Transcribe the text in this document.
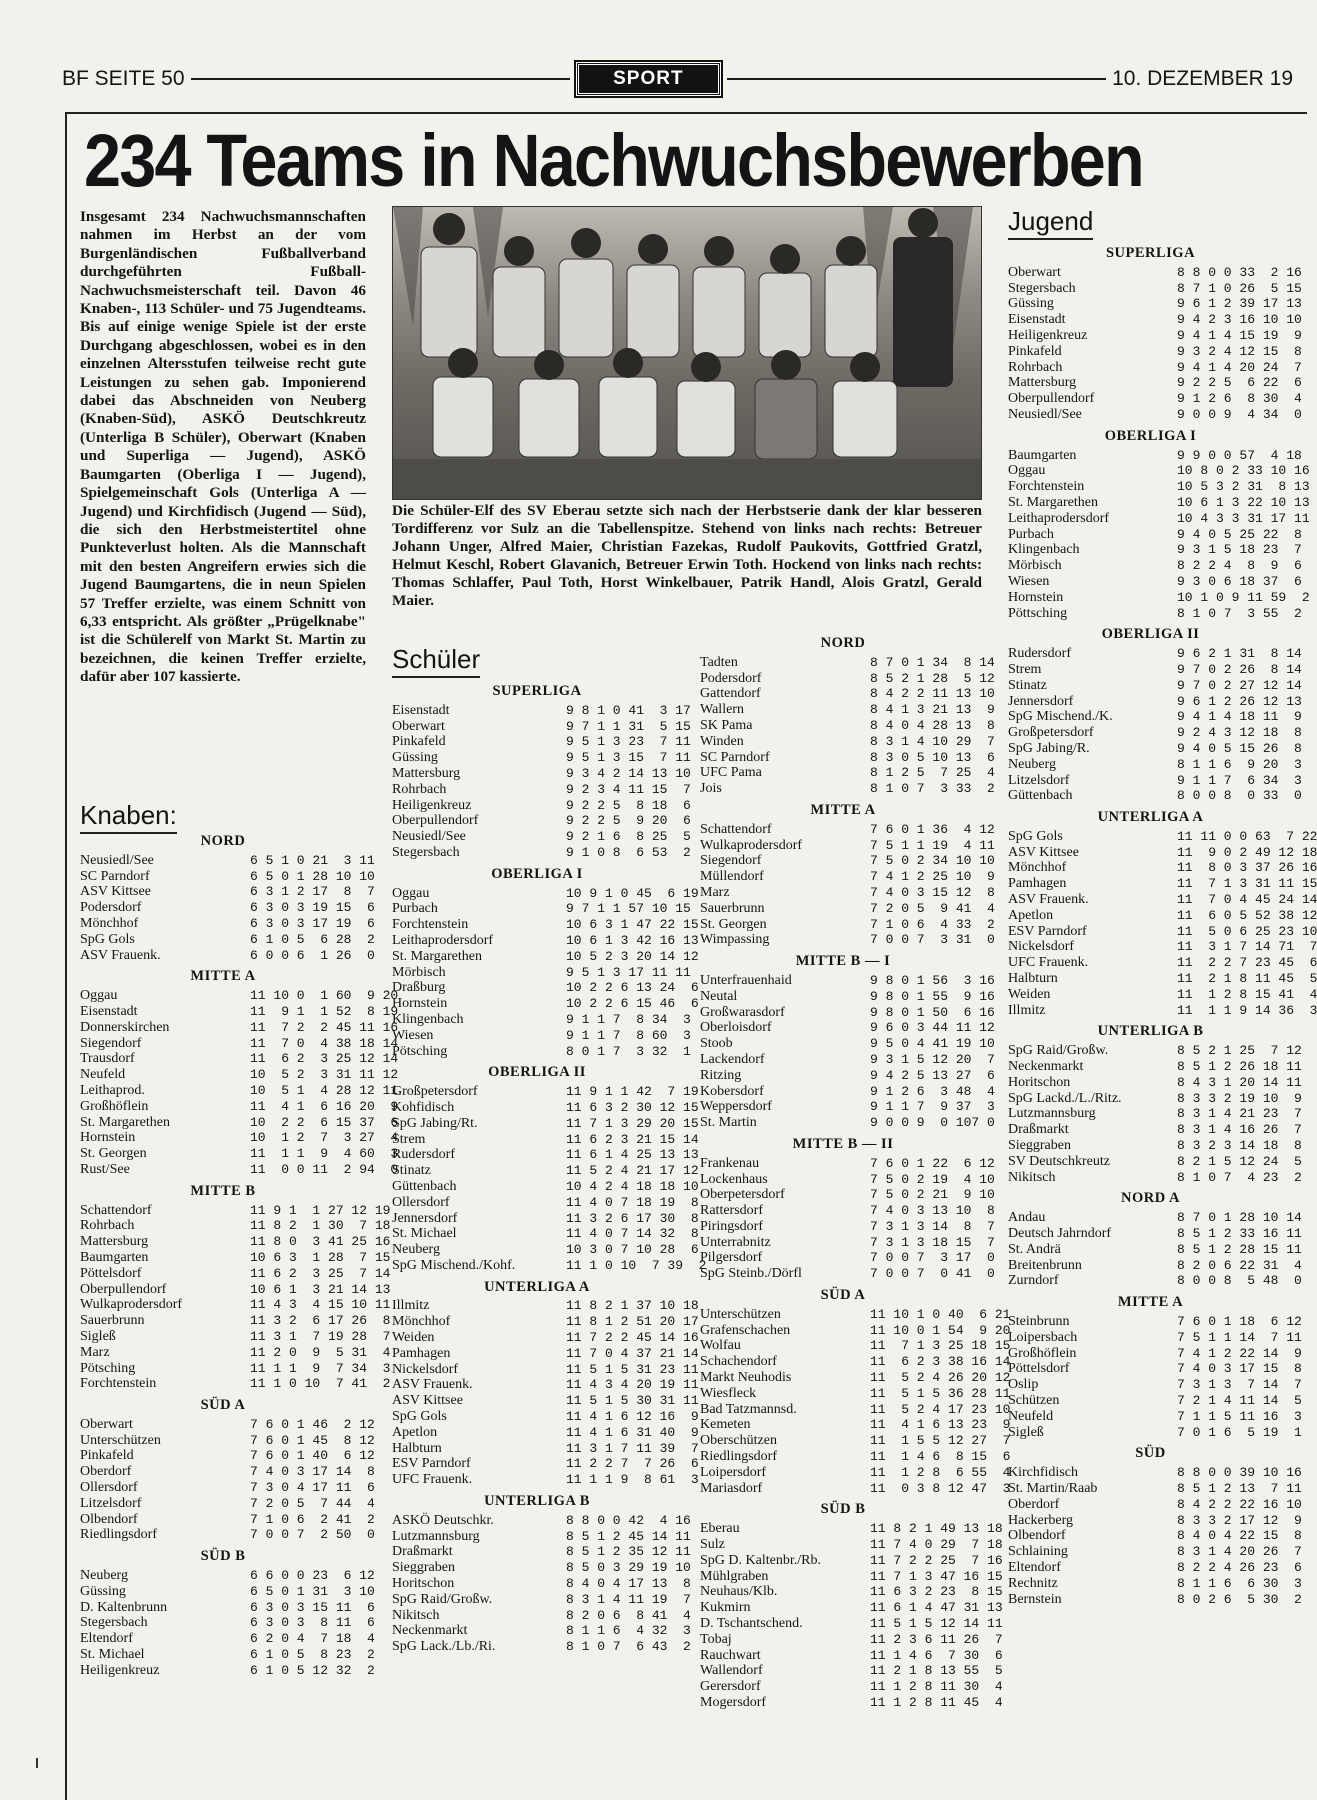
BF SEITE 50	SPORT	10. DEZEMBER 19
234 Teams in Nachwuchsbewerben
Insgesamt 234 Nachwuchsmannschaften nahmen im Herbst an der vom Burgenländischen Fußballverband durchgeführten Fußball-Nachwuchsmeisterschaft teil. Davon 46 Knaben-, 113 Schüler- und 75 Jugendteams. Bis auf einige wenige Spiele ist der erste Durchgang abgeschlossen, wobei es in den einzelnen Altersstufen teilweise recht gute Leistungen zu sehen gab. Imponierend dabei das Abschneiden von Neuberg (Knaben-Süd), ASKÖ Deutschkreutz (Unterliga B Schüler), Oberwart (Knaben und Superliga — Jugend), ASKÖ Baumgarten (Oberliga I — Jugend), Spielgemeinschaft Gols (Unterliga A — Jugend) und Kirchfidisch (Jugend — Süd), die sich den Herbstmeistertitel ohne Punkteverlust holten. Als die Mannschaft mit den besten Angreifern erwies sich die Jugend Baumgartens, die in neun Spielen 57 Treffer erzielte, was einem Schnitt von 6,33 entspricht. Als größter „Prügelknabe" ist die Schülerelf von Markt St. Martin zu bezeichnen, die keinen Treffer erzielte, dafür aber 107 kassierte.
Die Schüler-Elf des SV Eberau setzte sich nach der Herbstserie dank der klar besseren Tordifferenz vor Sulz an die Tabellenspitze. Stehend von links nach rechts: Betreuer Johann Unger, Alfred Maier, Christian Fazekas, Rudolf Paukovits, Gottfried Gratzl, Helmut Keschl, Robert Glavanich, Betreuer Erwin Toth. Hockend von links nach rechts: Thomas Schlaffer, Paul Toth, Horst Winkelbauer, Patrik Handl, Alois Gratzl, Gerald Maier.
Knaben:
Schüler
Jugend
NORD
Neusiedl/See	6 5 1 0 21  3 11
SC Parndorf	6 5 0 1 28 10 10
ASV Kittsee	6 3 1 2 17  8  7
Podersdorf	6 3 0 3 19 15  6
Mönchhof	6 3 0 3 17 19  6
SpG Gols	6 1 0 5  6 28  2
ASV Frauenk.	6 0 0 6  1 26  0
MITTE A
Oggau	11 10 0  1 60  9 20
Eisenstadt	11  9 1  1 52  8 19
Donnerskirchen	11  7 2  2 45 11 16
Siegendorf	11  7 0  4 38 18 14
Trausdorf	11  6 2  3 25 12 14
Neufeld	10  5 2  3 31 11 12
Leithaprod.	10  5 1  4 28 12 11
Großhöflein	11  4 1  6 16 20  9
St. Margarethen	10  2 2  6 15 37  6
Hornstein	10  1 2  7  3 27  4
St. Georgen	11  1 1  9  4 60  3
Rust/See	11  0 0 11  2 94  0
MITTE B
Schattendorf	11 9 1  1 27 12 19
Rohrbach	11 8 2  1 30  7 18
Mattersburg	11 8 0  3 41 25 16
Baumgarten	10 6 3  1 28  7 15
Pöttelsdorf	11 6 2  3 25  7 14
Oberpullendorf	10 6 1  3 21 14 13
Wulkaprodersdorf	11 4 3  4 15 10 11
Sauerbrunn	11 3 2  6 17 26  8
Sigleß	11 3 1  7 19 28  7
Marz	11 2 0  9  5 31  4
Pötsching	11 1 1  9  7 34  3
Forchtenstein	11 1 0 10  7 41  2
SÜD A
Oberwart	7 6 0 1 46  2 12
Unterschützen	7 6 0 1 45  8 12
Pinkafeld	7 6 0 1 40  6 12
Oberdorf	7 4 0 3 17 14  8
Ollersdorf	7 3 0 4 17 11  6
Litzelsdorf	7 2 0 5  7 44  4
Olbendorf	7 1 0 6  2 41  2
Riedlingsdorf	7 0 0 7  2 50  0
SÜD B
Neuberg	6 6 0 0 23  6 12
Güssing	6 5 0 1 31  3 10
D. Kaltenbrunn	6 3 0 3 15 11  6
Stegersbach	6 3 0 3  8 11  6
Eltendorf	6 2 0 4  7 18  4
St. Michael	6 1 0 5  8 23  2
Heiligenkreuz	6 1 0 5 12 32  2
SUPERLIGA
Eisenstadt	9 8 1 0 41  3 17
Oberwart	9 7 1 1 31  5 15
Pinkafeld	9 5 1 3 23  7 11
Güssing	9 5 1 3 15  7 11
Mattersburg	9 3 4 2 14 13 10
Rohrbach	9 2 3 4 11 15  7
Heiligenkreuz	9 2 2 5  8 18  6
Oberpullendorf	9 2 2 5  9 20  6
Neusiedl/See	9 2 1 6  8 25  5
Stegersbach	9 1 0 8  6 53  2
OBERLIGA I
Oggau	10 9 1 0 45  6 19
Purbach	9 7 1 1 57 10 15
Forchtenstein	10 6 3 1 47 22 15
Leithaprodersdorf	10 6 1 3 42 16 13
St. Margarethen	10 5 2 3 20 14 12
Mörbisch	9 5 1 3 17 11 11
Draßburg	10 2 2 6 13 24  6
Hornstein	10 2 2 6 15 46  6
Klingenbach	9 1 1 7  8 34  3
Wiesen	9 1 1 7  8 60  3
Pötsching	8 0 1 7  3 32  1
OBERLIGA II
Großpetersdorf	11 9 1 1 42  7 19
Kohfidisch	11 6 3 2 30 12 15
SpG Jabing/Rt.	11 7 1 3 29 20 15
Strem	11 6 2 3 21 15 14
Rudersdorf	11 6 1 4 25 13 13
Stinatz	11 5 2 4 21 17 12
Güttenbach	10 4 2 4 18 18 10
Ollersdorf	11 4 0 7 18 19  8
Jennersdorf	11 3 2 6 17 30  8
St. Michael	11 4 0 7 14 32  8
Neuberg	10 3 0 7 10 28  6
SpG Mischend./Kohf.	11 1 0 10  7 39  2
UNTERLIGA A
Illmitz	11 8 2 1 37 10 18
Mönchhof	11 8 1 2 51 20 17
Weiden	11 7 2 2 45 14 16
Pamhagen	11 7 0 4 37 21 14
Nickelsdorf	11 5 1 5 31 23 11
ASV Frauenk.	11 4 3 4 20 19 11
ASV Kittsee	11 5 1 5 30 31 11
SpG Gols	11 4 1 6 12 16  9
Apetlon	11 4 1 6 31 40  9
Halbturn	11 3 1 7 11 39  7
ESV Parndorf	11 2 2 7  7 26  6
UFC Frauenk.	11 1 1 9  8 61  3
UNTERLIGA B
ASKÖ Deutschkr.	8 8 0 0 42  4 16
Lutzmannsburg	8 5 1 2 45 14 11
Draßmarkt	8 5 1 2 35 12 11
Sieggraben	8 5 0 3 29 19 10
Horitschon	8 4 0 4 17 13  8
SpG Raid/Großw.	8 3 1 4 11 19  7
Nikitsch	8 2 0 6  8 41  4
Neckenmarkt	8 1 1 6  4 32  3
SpG Lack./Lb./Ri.	8 1 0 7  6 43  2
NORD
Tadten	8 7 0 1 34  8 14
Podersdorf	8 5 2 1 28  5 12
Gattendorf	8 4 2 2 11 13 10
Wallern	8 4 1 3 21 13  9
SK Pama	8 4 0 4 28 13  8
Winden	8 3 1 4 10 29  7
SC Parndorf	8 3 0 5 10 13  6
UFC Pama	8 1 2 5  7 25  4
Jois	8 1 0 7  3 33  2
MITTE A
Schattendorf	7 6 0 1 36  4 12
Wulkaprodersdorf	7 5 1 1 19  4 11
Siegendorf	7 5 0 2 34 10 10
Müllendorf	7 4 1 2 25 10  9
Marz	7 4 0 3 15 12  8
Sauerbrunn	7 2 0 5  9 41  4
St. Georgen	7 1 0 6  4 33  2
Wimpassing	7 0 0 7  3 31  0
MITTE B — I
Unterfrauenhaid	9 8 0 1 56  3 16
Neutal	9 8 0 1 55  9 16
Großwarasdorf	9 8 0 1 50  6 16
Oberloisdorf	9 6 0 3 44 11 12
Stoob	9 5 0 4 41 19 10
Lackendorf	9 3 1 5 12 20  7
Ritzing	9 4 2 5 13 27  6
Kobersdorf	9 1 2 6  3 48  4
Weppersdorf	9 1 1 7  9 37  3
St. Martin	9 0 0 9  0 107 0
MITTE B — II
Frankenau	7 6 0 1 22  6 12
Lockenhaus	7 5 0 2 19  4 10
Oberpetersdorf	7 5 0 2 21  9 10
Rattersdorf	7 4 0 3 13 10  8
Piringsdorf	7 3 1 3 14  8  7
Unterrabnitz	7 3 1 3 18 15  7
Pilgersdorf	7 0 0 7  3 17  0
SpG Steinb./Dörfl	7 0 0 7  0 41  0
SÜD A
Unterschützen	11 10 1 0 40  6 21
Grafenschachen	11 10 0 1 54  9 20
Wolfau	11  7 1 3 25 18 15
Schachendorf	11  6 2 3 38 16 14
Markt Neuhodis	11  5 2 4 26 20 12
Wiesfleck	11  5 1 5 36 28 11
Bad Tatzmannsd.	11  5 2 4 17 23 10
Kemeten	11  4 1 6 13 23  9
Oberschützen	11  1 5 5 12 27  7
Riedlingsdorf	11  1 4 6  8 15  6
Loipersdorf	11  1 2 8  6 55  4
Mariasdorf	11  0 3 8 12 47  3
SÜD B
Eberau	11 8 2 1 49 13 18
Sulz	11 7 4 0 29  7 18
SpG D. Kaltenbr./Rb.	11 7 2 2 25  7 16
Mühlgraben	11 7 1 3 47 16 15
Neuhaus/Klb.	11 6 3 2 23  8 15
Kukmirn	11 6 1 4 47 31 13
D. Tschantschend.	11 5 1 5 12 14 11
Tobaj	11 2 3 6 11 26  7
Rauchwart	11 1 4 6  7 30  6
Wallendorf	11 2 1 8 13 55  5
Gerersdorf	11 1 2 8 11 30  4
Mogersdorf	11 1 2 8 11 45  4
SUPERLIGA
Oberwart	8 8 0 0 33  2 16
Stegersbach	8 7 1 0 26  5 15
Güssing	9 6 1 2 39 17 13
Eisenstadt	9 4 2 3 16 10 10
Heiligenkreuz	9 4 1 4 15 19  9
Pinkafeld	9 3 2 4 12 15  8
Rohrbach	9 4 1 4 20 24  7
Mattersburg	9 2 2 5  6 22  6
Oberpullendorf	9 1 2 6  8 30  4
Neusiedl/See	9 0 0 9  4 34  0
OBERLIGA I
Baumgarten	9 9 0 0 57  4 18
Oggau	10 8 0 2 33 10 16
Forchtenstein	10 5 3 2 31  8 13
St. Margarethen	10 6 1 3 22 10 13
Leithaprodersdorf	10 4 3 3 31 17 11
Purbach	9 4 0 5 25 22  8
Klingenbach	9 3 1 5 18 23  7
Mörbisch	8 2 2 4  8  9  6
Wiesen	9 3 0 6 18 37  6
Hornstein	10 1 0 9 11 59  2
Pöttsching	8 1 0 7  3 55  2
OBERLIGA II
Rudersdorf	9 6 2 1 31  8 14
Strem	9 7 0 2 26  8 14
Stinatz	9 7 0 2 27 12 14
Jennersdorf	9 6 1 2 26 12 13
SpG Mischend./K.	9 4 1 4 18 11  9
Großpetersdorf	9 2 4 3 12 18  8
SpG Jabing/R.	9 4 0 5 15 26  8
Neuberg	8 1 1 6  9 20  3
Litzelsdorf	9 1 1 7  6 34  3
Güttenbach	8 0 0 8  0 33  0
UNTERLIGA A
SpG Gols	11 11 0 0 63  7 22
ASV Kittsee	11  9 0 2 49 12 18
Mönchhof	11  8 0 3 37 26 16
Pamhagen	11  7 1 3 31 11 15
ASV Frauenk.	11  7 0 4 45 24 14
Apetlon	11  6 0 5 52 38 12
ESV Parndorf	11  5 0 6 25 23 10
Nickelsdorf	11  3 1 7 14 71  7
UFC Frauenk.	11  2 2 7 23 45  6
Halbturn	11  2 1 8 11 45  5
Weiden	11  1 2 8 15 41  4
Illmitz	11  1 1 9 14 36  3
UNTERLIGA B
SpG Raid/Großw.	8 5 2 1 25  7 12
Neckenmarkt	8 5 1 2 26 18 11
Horitschon	8 4 3 1 20 14 11
SpG Lackd./L./Ritz.	8 3 3 2 19 10  9
Lutzmannsburg	8 3 1 4 21 23  7
Draßmarkt	8 3 1 4 16 26  7
Sieggraben	8 3 2 3 14 18  8
SV Deutschkreutz	8 2 1 5 12 24  5
Nikitsch	8 1 0 7  4 23  2
NORD A
Andau	8 7 0 1 28 10 14
Deutsch Jahrndorf	8 5 1 2 33 16 11
St. Andrä	8 5 1 2 28 15 11
Breitenbrunn	8 2 0 6 22 31  4
Zurndorf	8 0 0 8  5 48  0
MITTE A
Steinbrunn	7 6 0 1 18  6 12
Loipersbach	7 5 1 1 14  7 11
Großhöflein	7 4 1 2 22 14  9
Pöttelsdorf	7 4 0 3 17 15  8
Oslip	7 3 1 3  7 14  7
Schützen	7 2 1 4 11 14  5
Neufeld	7 1 1 5 11 16  3
Sigleß	7 0 1 6  5 19  1
SÜD
Kirchfidisch	8 8 0 0 39 10 16
St. Martin/Raab	8 5 1 2 13  7 11
Oberdorf	8 4 2 2 22 16 10
Hackerberg	8 3 3 2 17 12  9
Olbendorf	8 4 0 4 22 15  8
Schlaining	8 3 1 4 20 26  7
Eltendorf	8 2 2 4 26 23  6
Rechnitz	8 1 1 6  6 30  3
Bernstein	8 0 2 6  5 30  2
